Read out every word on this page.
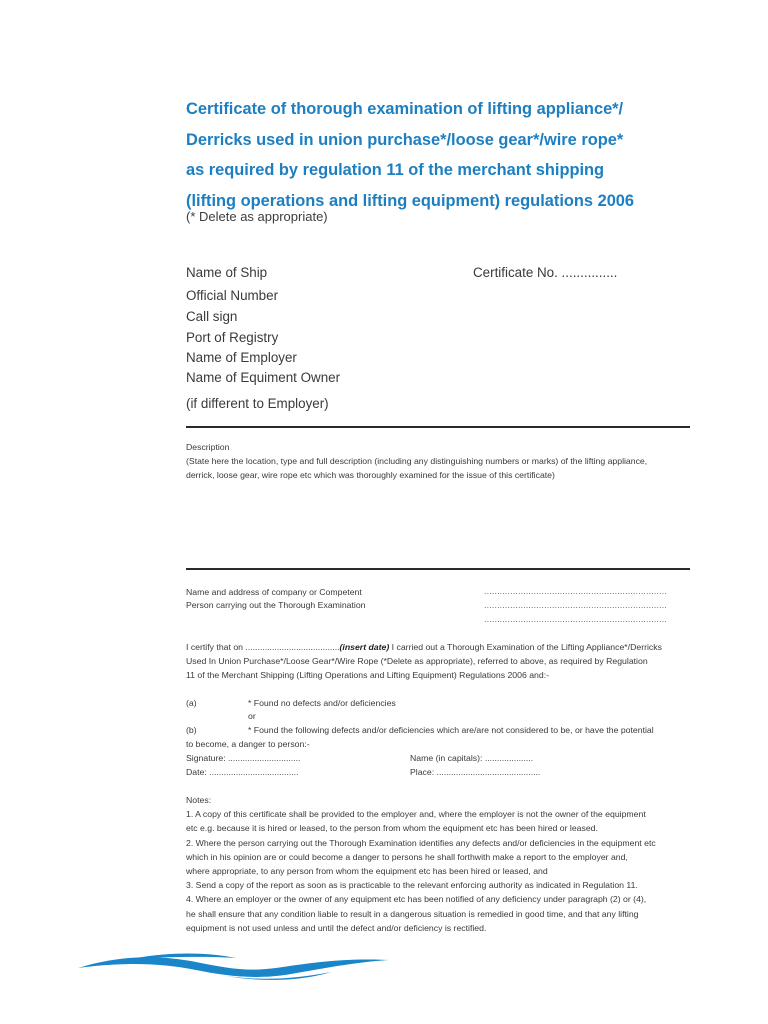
Certificate of thorough examination of lifting appliance*/
Derricks used in union purchase*/loose gear*/wire rope*
as required by regulation 11 of the merchant shipping
(lifting operations and lifting equipment) regulations 2006
(* Delete as appropriate)
Name of Ship	Certificate No. ...............
Official Number
Call sign
Port of Registry
Name of Employer
Name of Equiment Owner
(if different to Employer)
Description
(State here the location, type and full description (including any distinguishing numbers or marks) of the lifting appliance,
derrick, loose gear, wire rope etc which was thoroughly examined for the issue of this certificate)
Name and address of company or Competent
Person carrying out the Thorough Examination
......................................................................
......................................................................
......................................................................
I certify that on .......................................(insert date) I carried out a Thorough Examination of the Lifting Appliance*/Derricks
Used In Union Purchase*/Loose Gear*/Wire Rope (*Delete as appropriate), referred to above, as required by Regulation
11 of the Merchant Shipping (Lifting Operations and Lifting Equipment) Regulations 2006 and:-
(a)	* Found no defects and/or deficiencies
or
(b)	* Found the following defects and/or deficiencies which are/are not considered to be, or have the potential
to become, a danger to person:-
Signature: ..............................	Name (in capitals): ....................
Date: .....................................	Place: ...........................................
Notes:
1. A copy of this certificate shall be provided to the employer and, where the employer is not the owner of the equipment
etc e.g. because it is hired or leased, to the person from whom the equipment etc has been hired or leased.
2. Where the person carrying out the Thorough Examination identifies any defects and/or deficiencies in the equipment etc
which in his opinion are or could become a danger to persons he shall forthwith make a report to the employer and,
where appropriate, to any person from whom the equipment etc has been hired or leased, and
3. Send a copy of the report as soon as is practicable to the relevant enforcing authority as indicated in Regulation 11.
4. Where an employer or the owner of any equipment etc has been notified of any deficiency under paragraph (2) or (4),
he shall ensure that any condition liable to result in a dangerous situation is remedied in good time, and that any lifting
equipment is not used unless and until the defect and/or deficiency is rectified.
